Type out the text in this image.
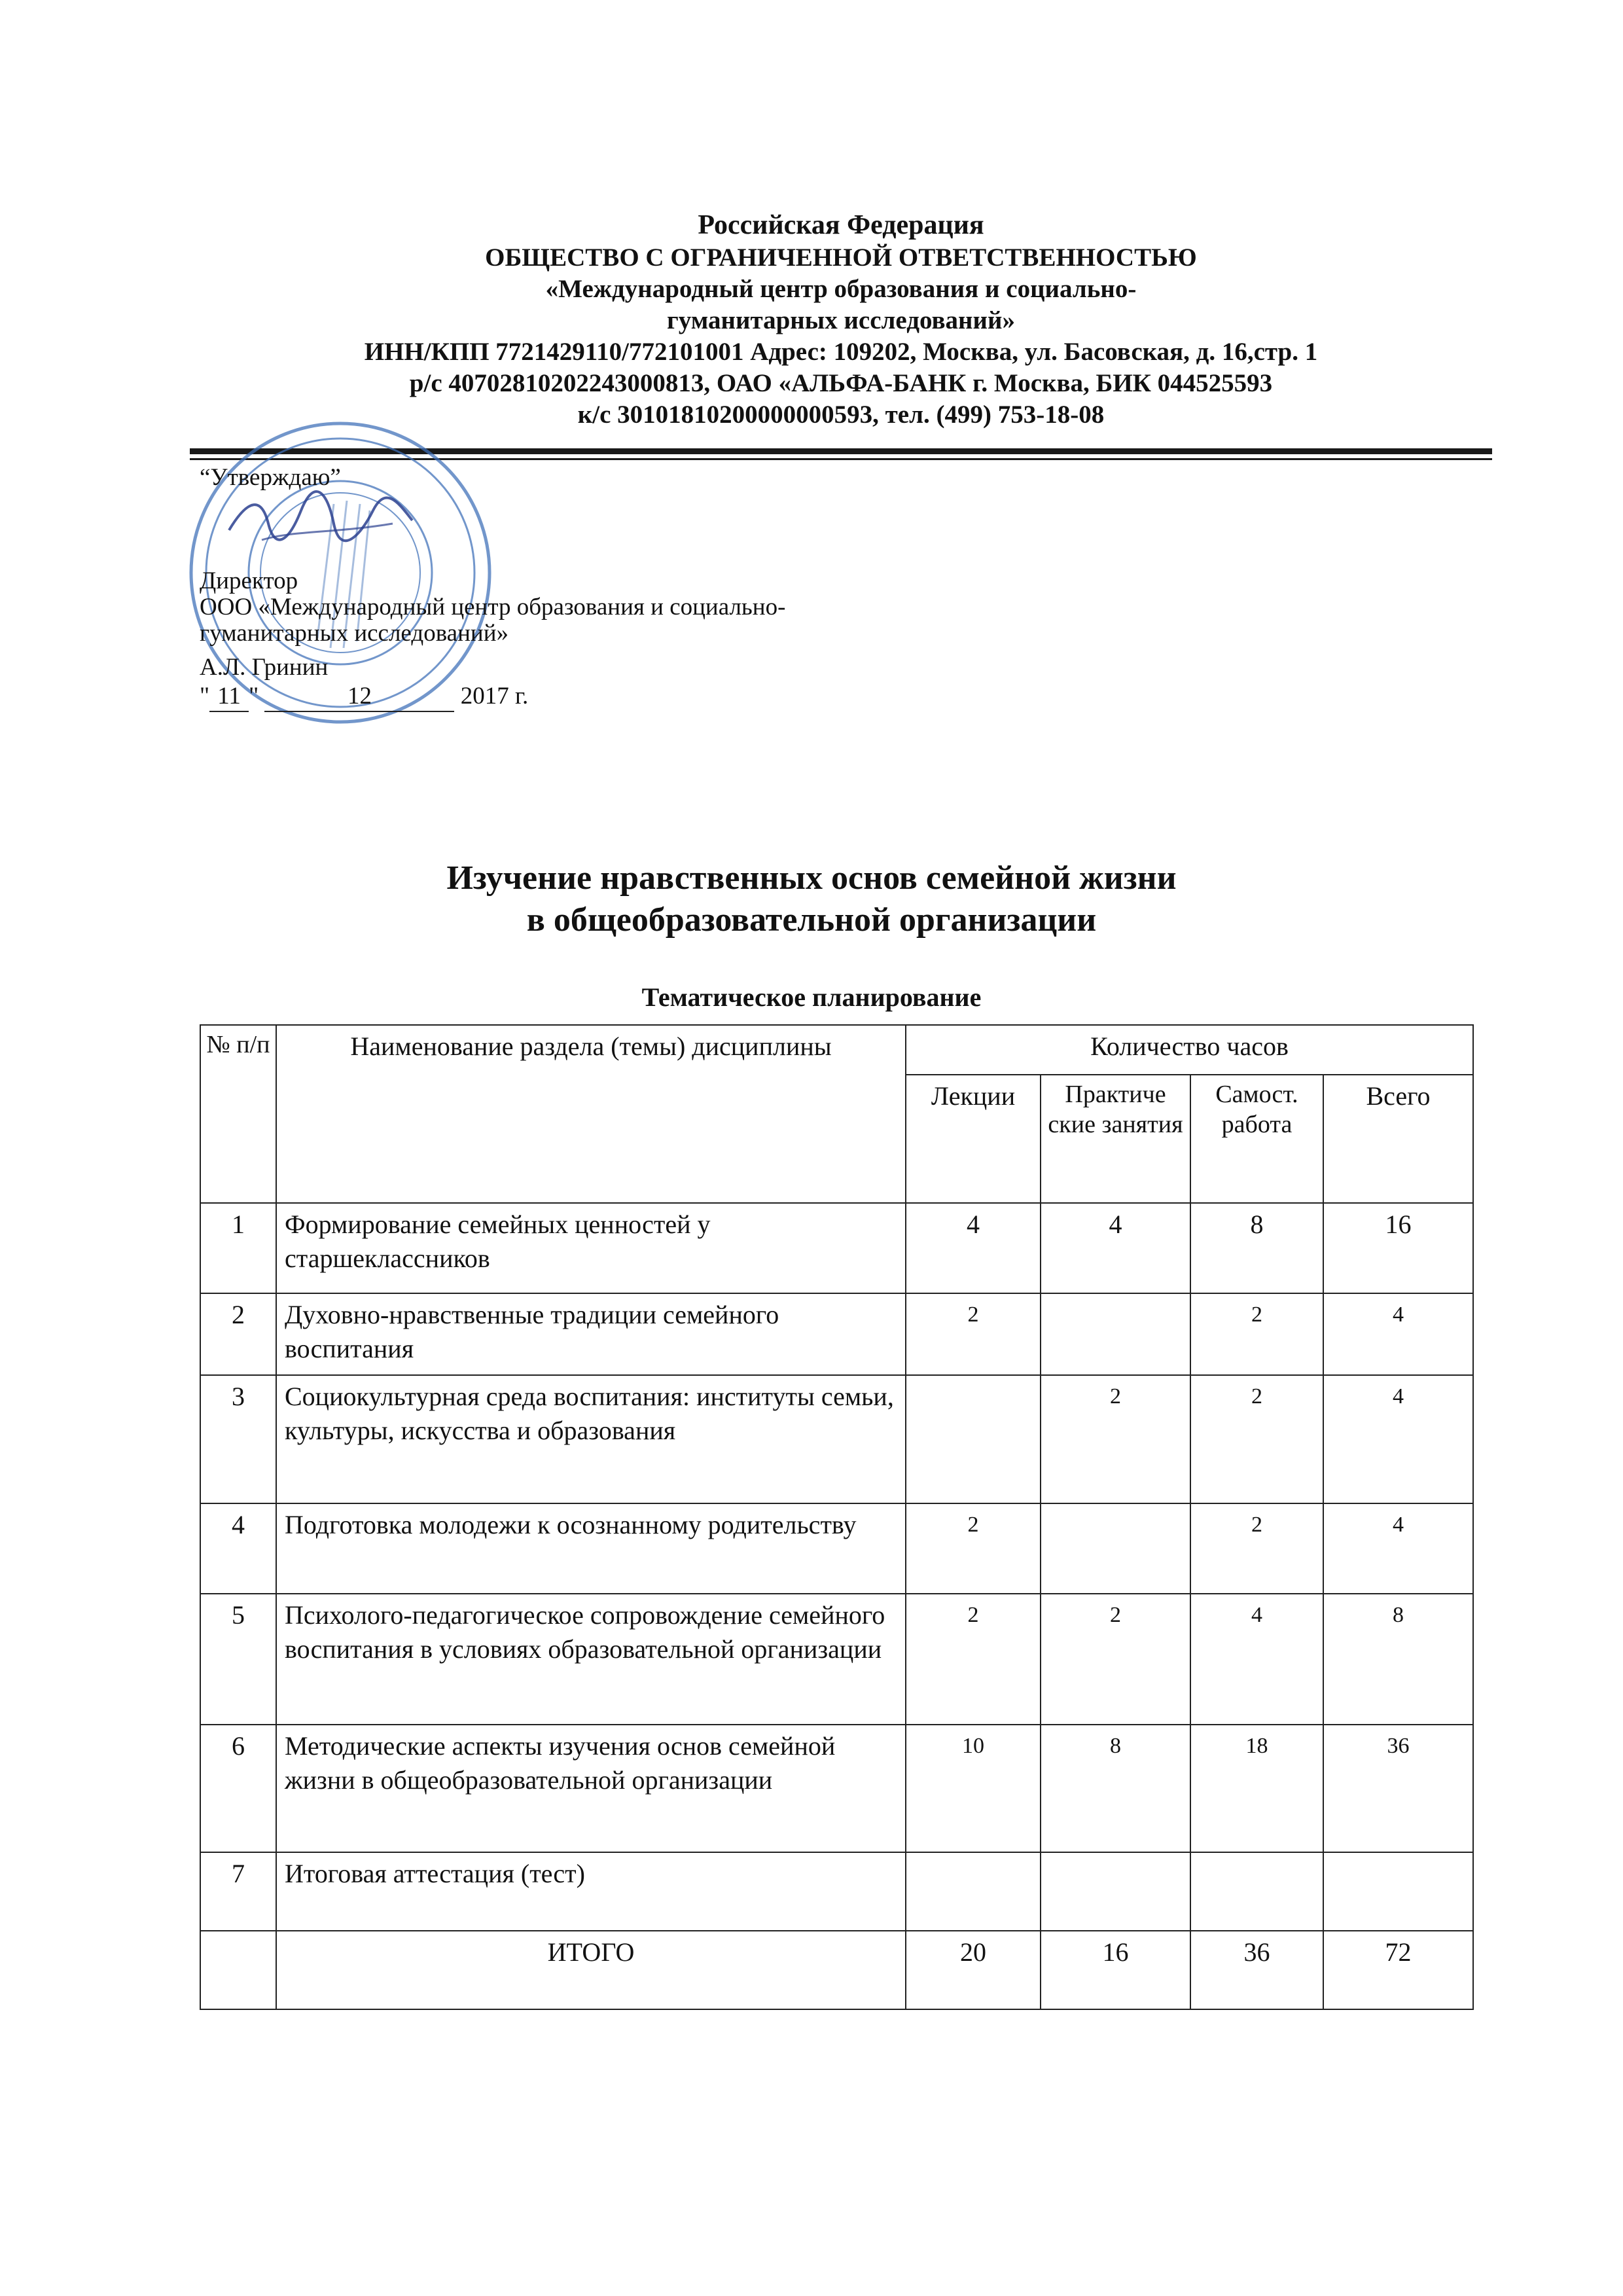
Российская Федерация
ОБЩЕСТВО С ОГРАНИЧЕННОЙ ОТВЕТСТВЕННОСТЬЮ
«Международный центр образования и социально-
гуманитарных исследований»
ИНН/КПП 7721429110/772101001 Адрес: 109202, Москва, ул. Басовская, д. 16,стр. 1
р/с 40702810202243000813, ОАО «АЛЬФА-БАНК г. Москва, БИК 044525593
к/с 30101810200000000593, тел. (499) 753-18-08
“Утверждаю”
Директор
ООО «Международный центр образования и социально-
гуманитарных исследований»
А.Л. Гринин
" 11 "	12	2017 г.
Изучение нравственных основ семейной жизни
в общеобразовательной организации
Тематическое планирование
№ п/п	Наименование раздела (темы) дисциплины	Количество часов			
		Лекции	Практиче ские занятия	Самост. работа	Всего
1	Формирование семейных ценностей у старшеклассников	4	4	8	16
2	Духовно-нравственные традиции семейного воспитания	2		2	4
3	Социокультурная среда воспитания: институты семьи, культуры, искусства и образования		2	2	4
4	Подготовка молодежи к осознанному родительству	2		2	4
5	Психолого-педагогическое сопровождение семейного воспитания в условиях образовательной организации	2	2	4	8
6	Методические аспекты изучения основ семейной жизни в общеобразовательной организации	10	8	18	36
7	Итоговая аттестация (тест)				
	ИТОГО	20	16	36	72
